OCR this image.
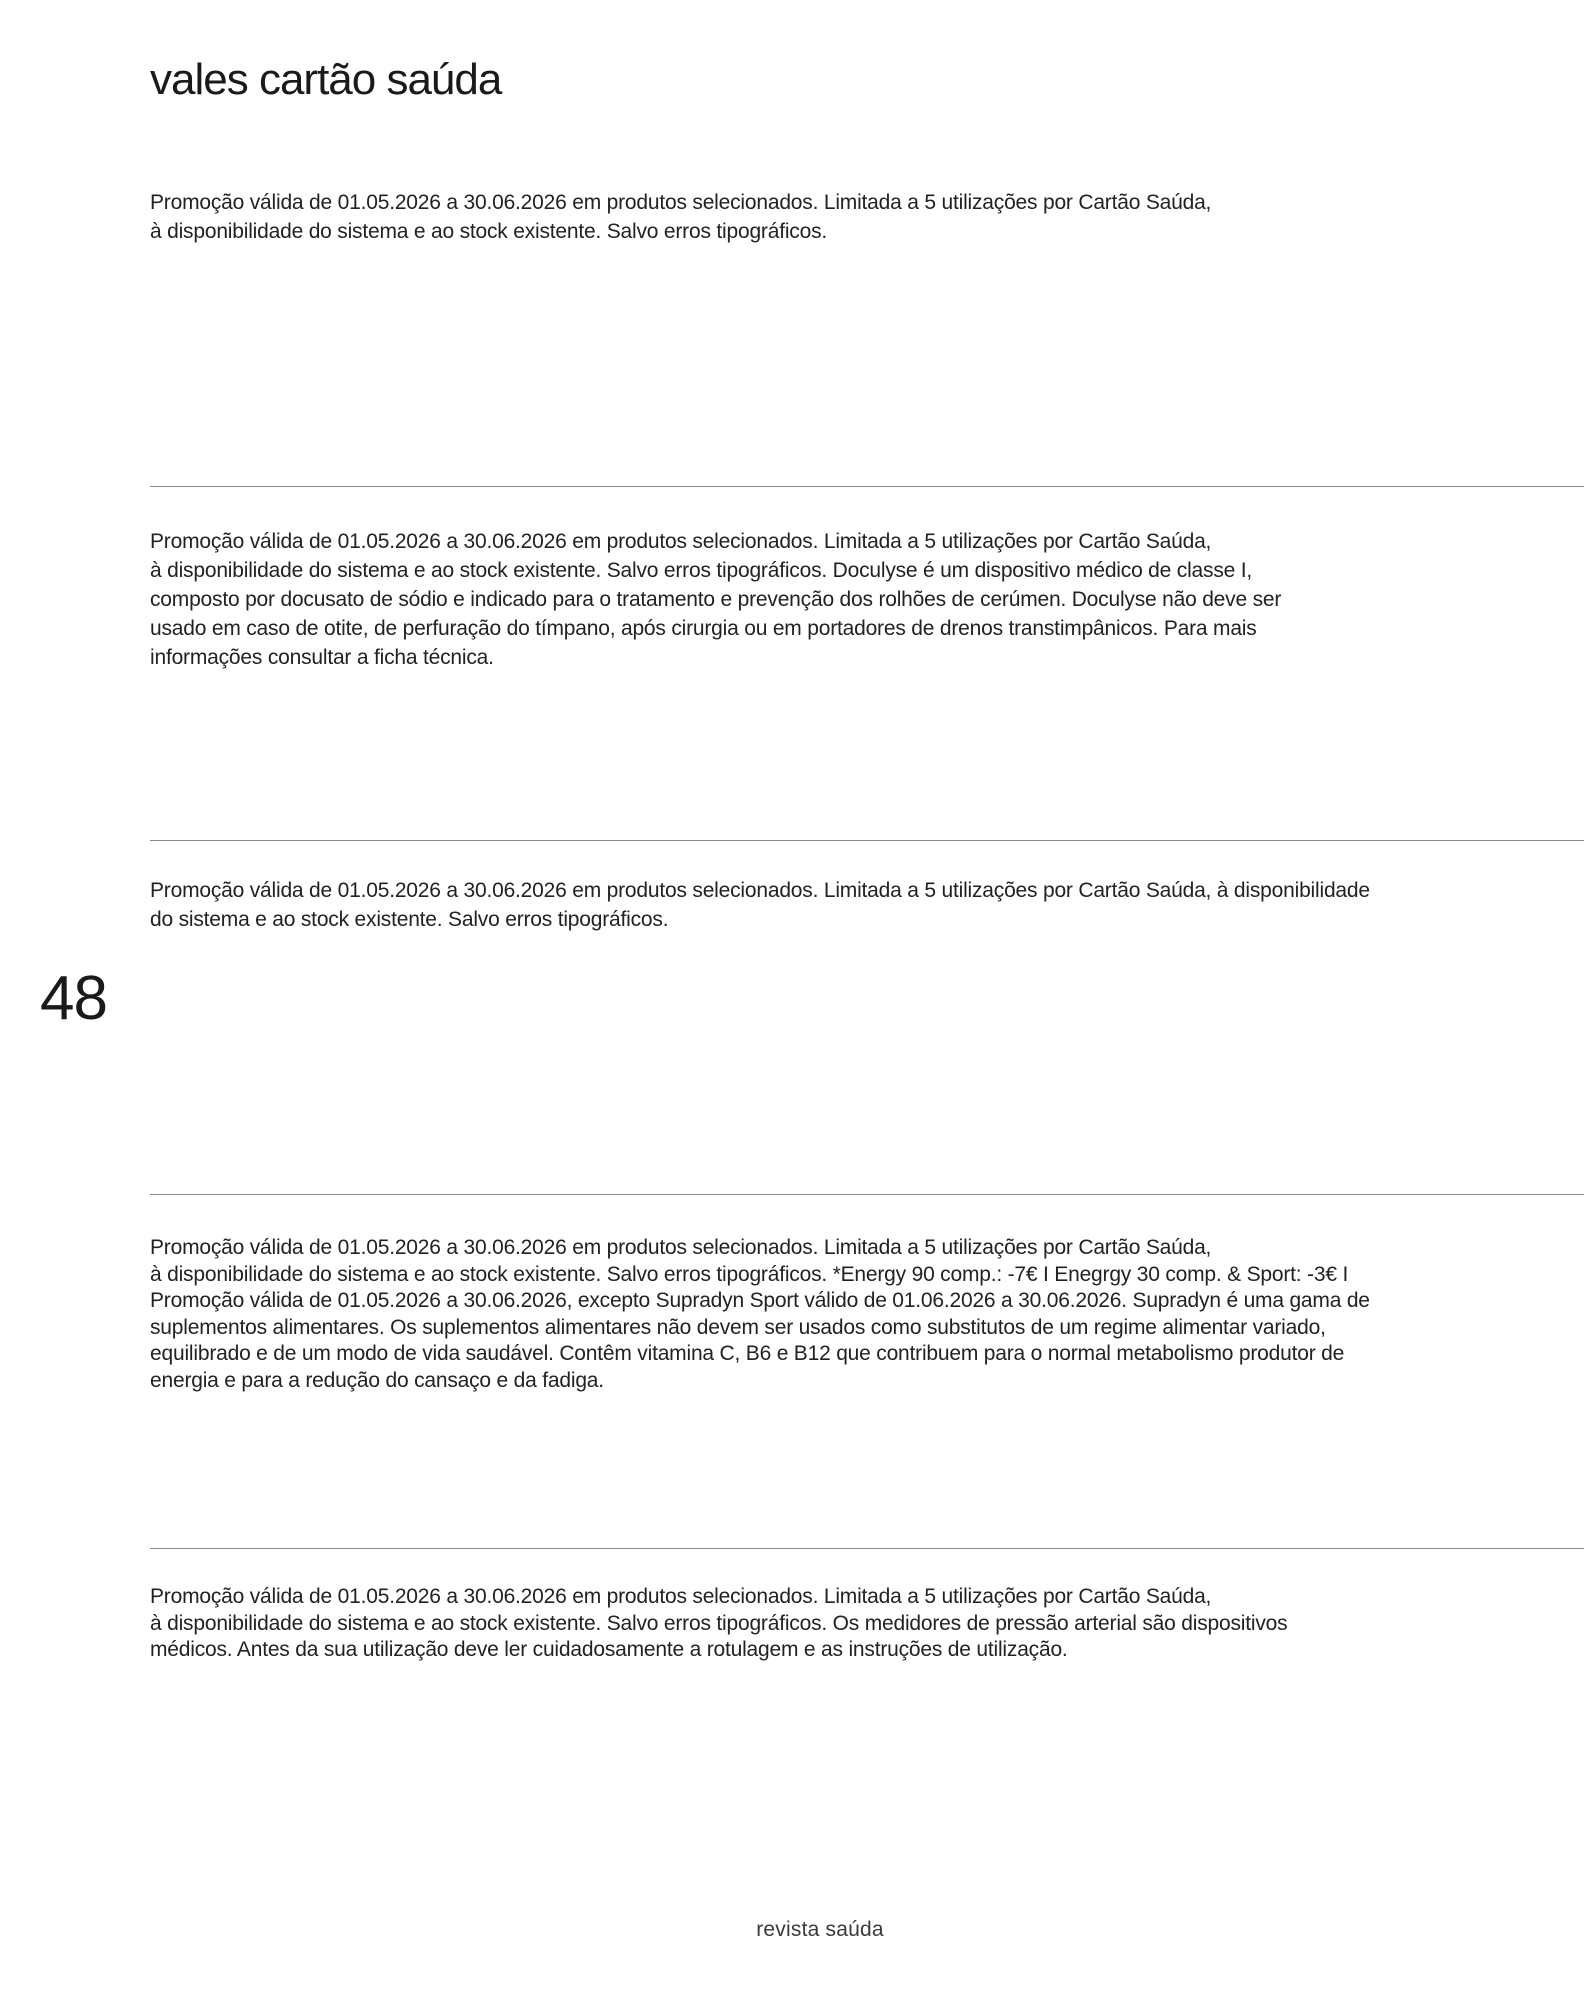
vales cartão saúda
48

Promoção válida de 01.05.2026 a 30.06.2026 em produtos selecionados. Limitada a 5 utilizações por Cartão Saúda,
à disponibilidade do sistema e ao stock existente. Salvo erros tipográficos.

Promoção válida de 01.05.2026 a 30.06.2026 em produtos selecionados. Limitada a 5 utilizações por Cartão Saúda,
à disponibilidade do sistema e ao stock existente. Salvo erros tipográficos. Doculyse é um dispositivo médico de classe I,
composto por docusato de sódio e indicado para o tratamento e prevenção dos rolhões de cerúmen. Doculyse não deve ser
usado em caso de otite, de perfuração do tímpano, após cirurgia ou em portadores de drenos transtimpânicos. Para mais
informações consultar a ficha técnica.

Promoção válida de 01.05.2026 a 30.06.2026 em produtos selecionados. Limitada a 5 utilizações por Cartão Saúda, à disponibilidade
do sistema e ao stock existente. Salvo erros tipográficos.

Promoção válida de 01.05.2026 a 30.06.2026 em produtos selecionados. Limitada a 5 utilizações por Cartão Saúda,
à disponibilidade do sistema e ao stock existente. Salvo erros tipográficos. *Energy 90 comp.: -7€ I Enegrgy 30 comp. & Sport: -3€ I
Promoção válida de 01.05.2026 a 30.06.2026, excepto Supradyn Sport válido de 01.06.2026 a 30.06.2026. Supradyn é uma gama de
suplementos alimentares. Os suplementos alimentares não devem ser usados como substitutos de um regime alimentar variado,
equilibrado e de um modo de vida saudável. Contêm vitamina C, B6 e B12 que contribuem para o normal metabolismo produtor de
energia e para a redução do cansaço e da fadiga.

Promoção válida de 01.05.2026 a 30.06.2026 em produtos selecionados. Limitada a 5 utilizações por Cartão Saúda,
à disponibilidade do sistema e ao stock existente. Salvo erros tipográficos. Os medidores de pressão arterial são dispositivos
médicos. Antes da sua utilização deve ler cuidadosamente a rotulagem e as instruções de utilização.

revista saúda
